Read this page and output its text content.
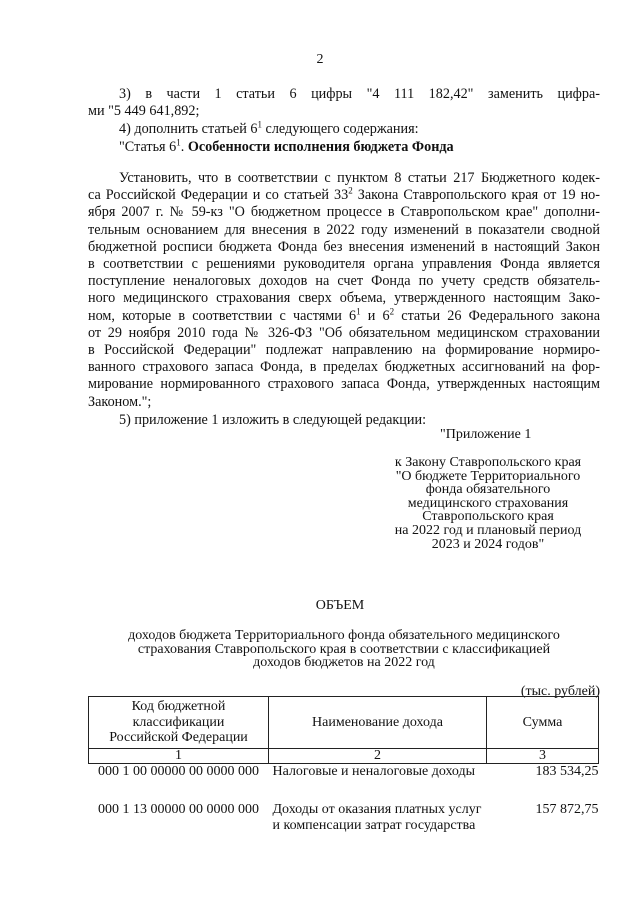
2
3) в части 1 статьи 6 цифры "4 111 182,42" заменить цифра-
ми "5 449 641,892;
4) дополнить статьей $6^1$ следующего содержания:
"Статья $6^1$. Особенности исполнения бюджета Фонда
Установить, что в соответствии с пунктом 8 статьи 217 Бюджетного кодек-
са Российской Федерации и со статьей $33^2$ Закона Ставропольского края от 19 но-
ября 2007 г. № 59-кз "О бюджетном процессе в Ставропольском крае" дополни-
тельным основанием для внесения в 2022 году изменений в показатели сводной
бюджетной росписи бюджета Фонда без внесения изменений в настоящий Закон
в соответствии с решениями руководителя органа управления Фонда является
поступление неналоговых доходов на счет Фонда по учету средств обязатель-
ного медицинского страхования сверх объема, утвержденного настоящим Зако-
ном, которые в соответствии с частями $6^1$ и $6^2$ статьи 26 Федерального закона
от 29 ноября 2010 года № 326-ФЗ "Об обязательном медицинском страховании
в Российской Федерации" подлежат направлению на формирование нормиро-
ванного страхового запаса Фонда, в пределах бюджетных ассигнований на фор-
мирование нормированного страхового запаса Фонда, утвержденных настоящим
Законом.";
5) приложение 1 изложить в следующей редакции:
"Приложение 1
к Закону Ставропольского края
"О бюджете Территориального
фонда обязательного
медицинского страхования
Ставропольского края
на 2022 год и плановый период
2023 и 2024 годов"
ОБЪЕМ
доходов бюджета Территориального фонда обязательного медицинского
страхования Ставропольского края в соответствии с классификацией
доходов бюджетов на 2022 год
(тыс. рублей)
Код бюджетной
классификации
Российской Федерации	Наименование дохода	Сумма
1	2	3
000 1 00 00000 00 0000 000	Налоговые и неналоговые доходы	183 534,25
000 1 13 00000 00 0000 000	Доходы от оказания платных услуг
и компенсации затрат государства	157 872,75
